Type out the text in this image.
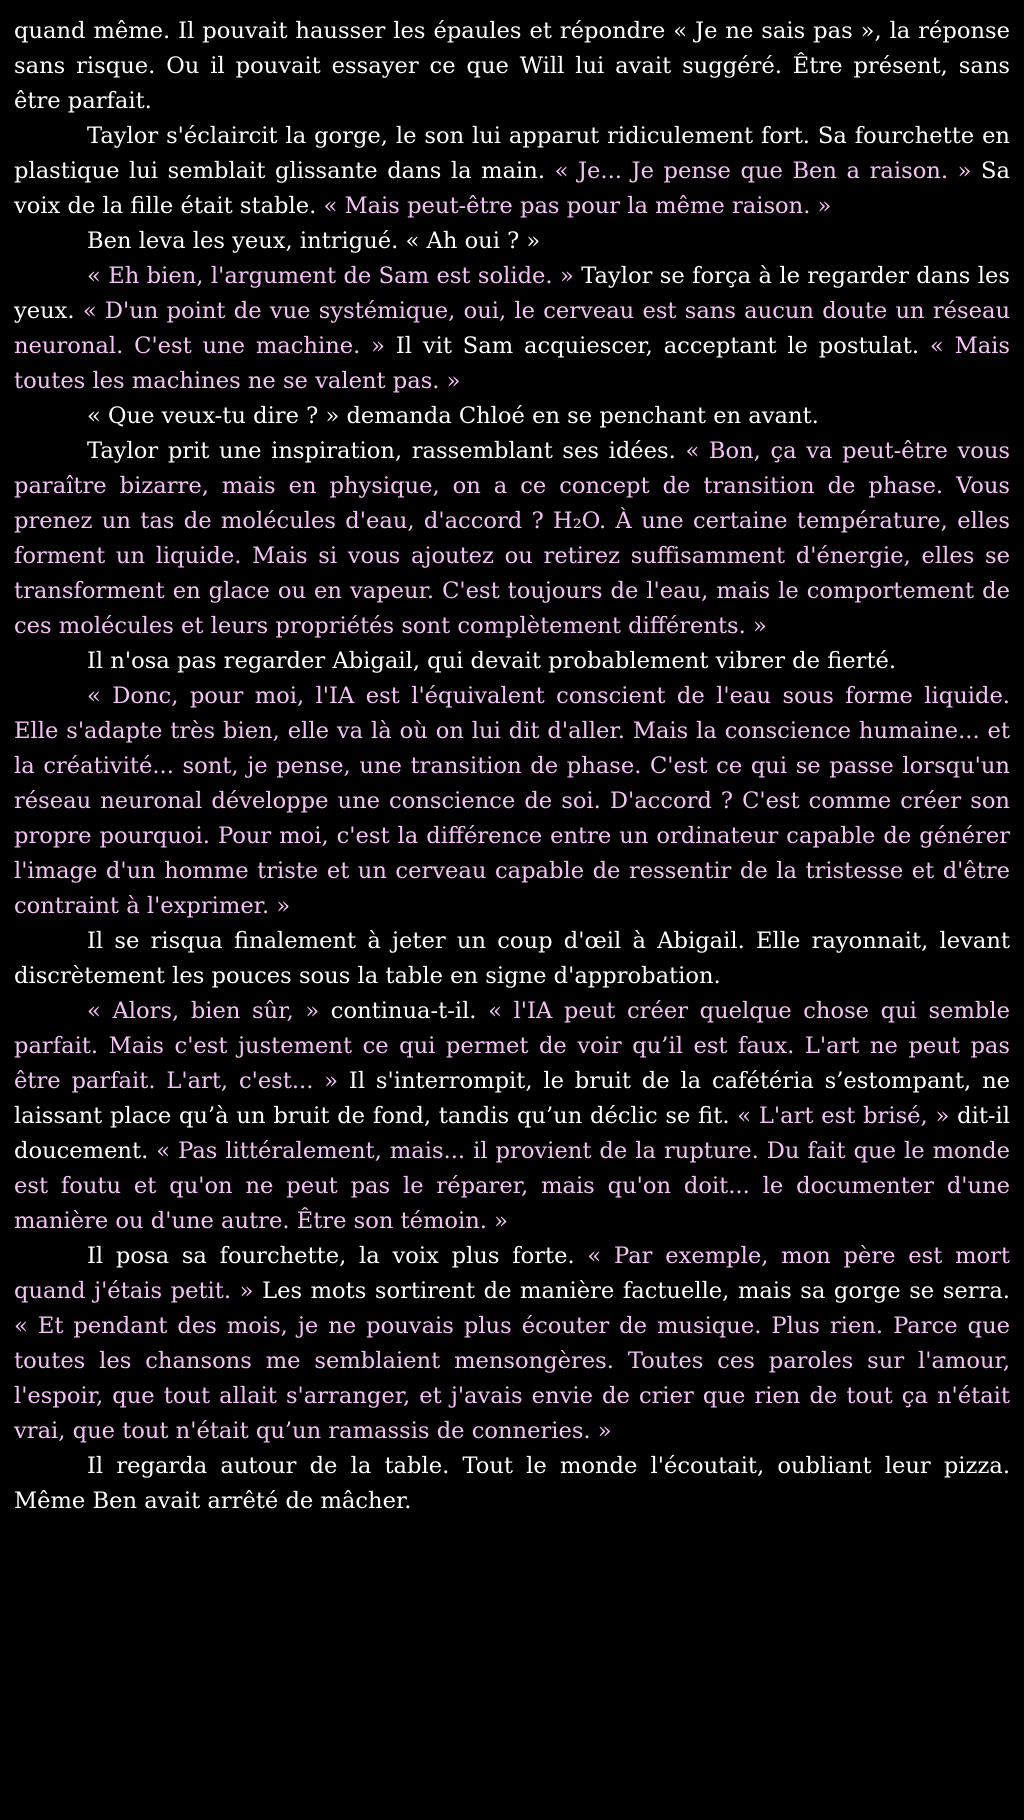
quand même. Il pouvait hausser les épaules et répondre « Je ne sais pas », la réponse sans risque. Ou il pouvait essayer ce que Will lui avait suggéré. Être présent, sans être parfait.

Taylor s'éclaircit la gorge, le son lui apparut ridiculement fort. Sa fourchette en plastique lui semblait glissante dans la main. « Je... Je pense que Ben a raison. » Sa voix de la fille était stable. « Mais peut-être pas pour la même raison. »

Ben leva les yeux, intrigué. « Ah oui ? »

« Eh bien, l'argument de Sam est solide. » Taylor se força à le regarder dans les yeux. « D'un point de vue systémique, oui, le cerveau est sans aucun doute un réseau neuronal. C'est une machine. » Il vit Sam acquiescer, acceptant le postulat. « Mais toutes les machines ne se valent pas. »

« Que veux-tu dire ? » demanda Chloé en se penchant en avant.

Taylor prit une inspiration, rassemblant ses idées. « Bon, ça va peut-être vous paraître bizarre, mais en physique, on a ce concept de transition de phase. Vous prenez un tas de molécules d'eau, d'accord ? H₂O. À une certaine température, elles forment un liquide. Mais si vous ajoutez ou retirez suffisamment d'énergie, elles se transforment en glace ou en vapeur. C'est toujours de l'eau, mais le comportement de ces molécules et leurs propriétés sont complètement différents. »

Il n'osa pas regarder Abigail, qui devait probablement vibrer de fierté.

« Donc, pour moi, l'IA est l'équivalent conscient de l'eau sous forme liquide. Elle s'adapte très bien, elle va là où on lui dit d'aller. Mais la conscience humaine... et la créativité... sont, je pense, une transition de phase. C'est ce qui se passe lorsqu'un réseau neuronal développe une conscience de soi. D'accord ? C'est comme créer son propre pourquoi. Pour moi, c'est la différence entre un ordinateur capable de générer l'image d'un homme triste et un cerveau capable de ressentir de la tristesse et d'être contraint à l'exprimer. »

Il se risqua finalement à jeter un coup d'œil à Abigail. Elle rayonnait, levant discrètement les pouces sous la table en signe d'approbation.

« Alors, bien sûr, » continua-t-il. « l'IA peut créer quelque chose qui semble parfait. Mais c'est justement ce qui permet de voir qu’il est faux. L'art ne peut pas être parfait. L'art, c'est... » Il s'interrompit, le bruit de la cafétéria s’estompant, ne laissant place qu’à un bruit de fond, tandis qu’un déclic se fit. « L'art est brisé, » dit-il doucement. « Pas littéralement, mais... il provient de la rupture. Du fait que le monde est foutu et qu'on ne peut pas le réparer, mais qu'on doit... le documenter d'une manière ou d'une autre. Être son témoin. »

Il posa sa fourchette, la voix plus forte. « Par exemple, mon père est mort quand j'étais petit. » Les mots sortirent de manière factuelle, mais sa gorge se serra. « Et pendant des mois, je ne pouvais plus écouter de musique. Plus rien. Parce que toutes les chansons me semblaient mensongères. Toutes ces paroles sur l'amour, l'espoir, que tout allait s'arranger, et j'avais envie de crier que rien de tout ça n'était vrai, que tout n'était qu’un ramassis de conneries. »

Il regarda autour de la table. Tout le monde l'écoutait, oubliant leur pizza. Même Ben avait arrêté de mâcher.
